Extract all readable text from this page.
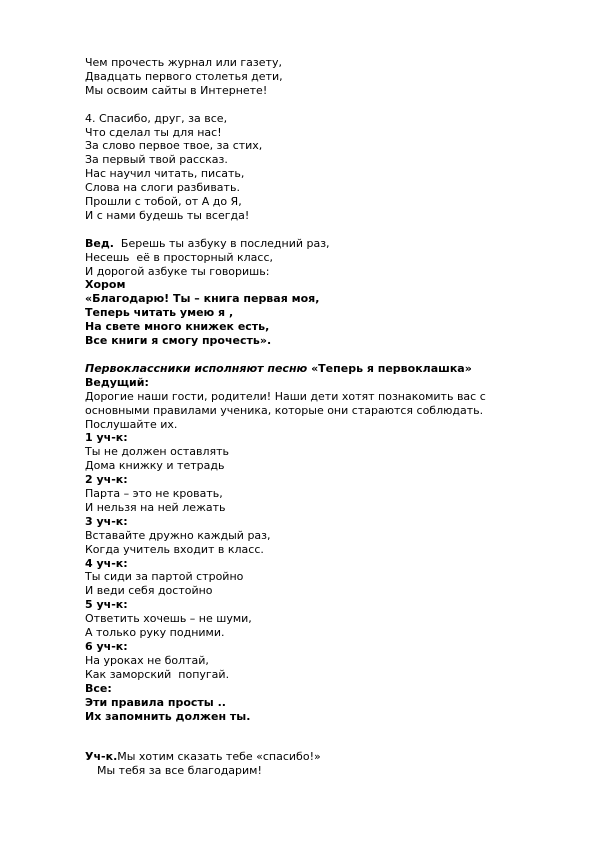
Чем прочесть журнал или газету,
Двадцать первого столетья дети,
Мы освоим сайты в Интернете!
4. Спасибо, друг, за все,
Что сделал ты для нас!
За слово первое твое, за стих,
За первый твой рассказ.
Нас научил читать, писать,
Слова на слоги разбивать.
Прошли с тобой, от А до Я,
И с нами будешь ты всегда!
Вед.  Берешь ты азбуку в последний раз,
Несешь  её в просторный класс,
И дорогой азбуке ты говоришь:
Хором
«Благодарю! Ты – книга первая моя,
Теперь читать умею я ,
На свете много книжек есть,
Все книги я смогу прочесть».
Первоклассники исполняют песню «Теперь я первоклашка»
Ведущий:
Дорогие наши гости, родители! Наши дети хотят познакомить вас с
основными правилами ученика, которые они стараются соблюдать.
Послушайте их.
1 уч-к:
Ты не должен оставлять
Дома книжку и тетрадь
2 уч-к:
Парта – это не кровать,
И нельзя на ней лежать
3 уч-к:
Вставайте дружно каждый раз,
Когда учитель входит в класс.
4 уч-к:
Ты сиди за партой стройно
И веди себя достойно
5 уч-к:
Ответить хочешь – не шуми,
А только руку подними.
6 уч-к:
На уроках не болтай,
Как заморский  попугай.
Все:
Эти правила просты ..
Их запомнить должен ты.
Уч-к.Мы хотим сказать тебе «спасибо!»
Мы тебя за все благодарим!
